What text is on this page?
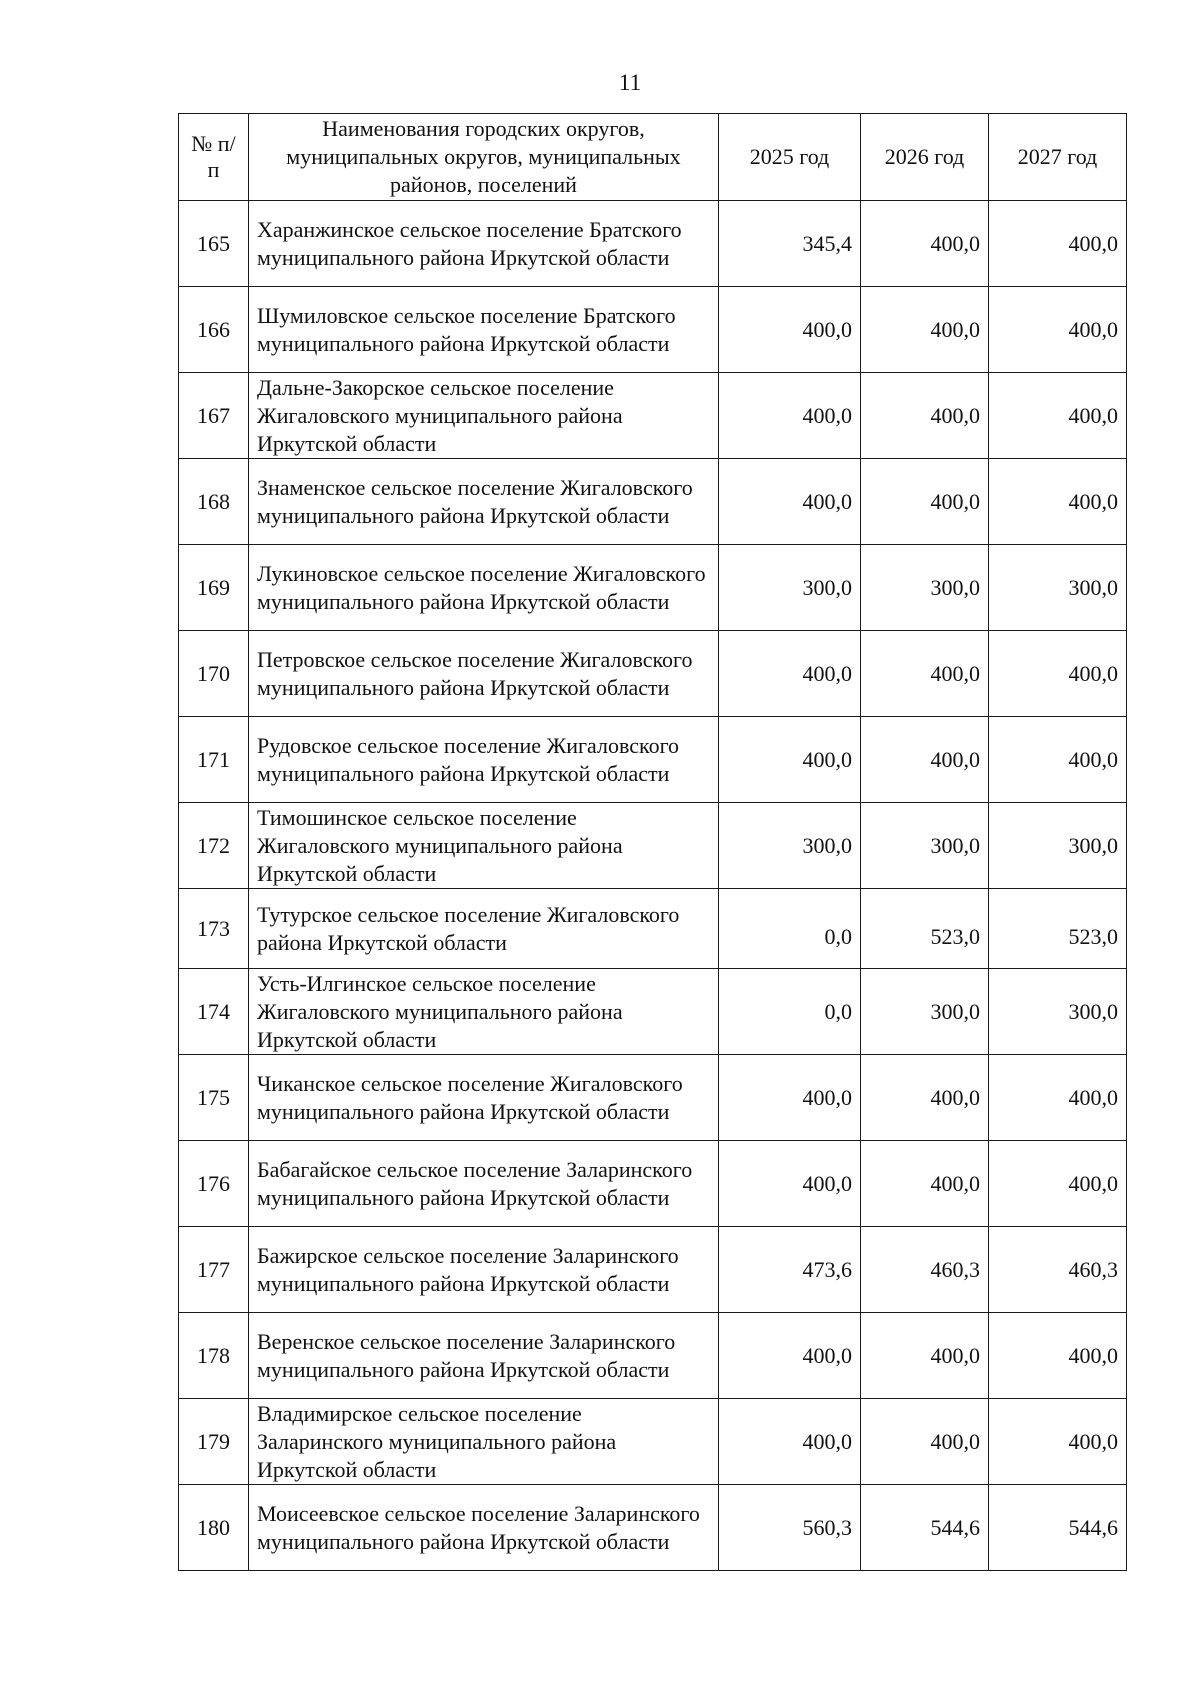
11
№ п/п	Наименования городских округов, муниципальных округов, муниципальных районов, поселений	2025 год	2026 год	2027 год
165	Харанжинское сельское поселение Братского муниципального района Иркутской области	345,4	400,0	400,0
166	Шумиловское сельское поселение Братского муниципального района Иркутской области	400,0	400,0	400,0
167	Дальне-Закорское сельское поселение Жигаловского муниципального района Иркутской области	400,0	400,0	400,0
168	Знаменское сельское поселение Жигаловского муниципального района Иркутской области	400,0	400,0	400,0
169	Лукиновское сельское поселение Жигаловского муниципального района Иркутской области	300,0	300,0	300,0
170	Петровское сельское поселение Жигаловского муниципального района Иркутской области	400,0	400,0	400,0
171	Рудовское сельское поселение Жигаловского муниципального района Иркутской области	400,0	400,0	400,0
172	Тимошинское сельское поселение Жигаловского муниципального района Иркутской области	300,0	300,0	300,0
173	Тутурское сельское поселение Жигаловского района Иркутской области	0,0	523,0	523,0
174	Усть-Илгинское сельское поселение Жигаловского муниципального района Иркутской области	0,0	300,0	300,0
175	Чиканское сельское поселение Жигаловского муниципального района Иркутской области	400,0	400,0	400,0
176	Бабагайское сельское поселение Заларинского муниципального района Иркутской области	400,0	400,0	400,0
177	Бажирское сельское поселение Заларинского муниципального района Иркутской области	473,6	460,3	460,3
178	Веренское сельское поселение Заларинского муниципального района Иркутской области	400,0	400,0	400,0
179	Владимирское сельское поселение Заларинского муниципального района Иркутской области	400,0	400,0	400,0
180	Моисеевское сельское поселение Заларинского муниципального района Иркутской области	560,3	544,6	544,6
